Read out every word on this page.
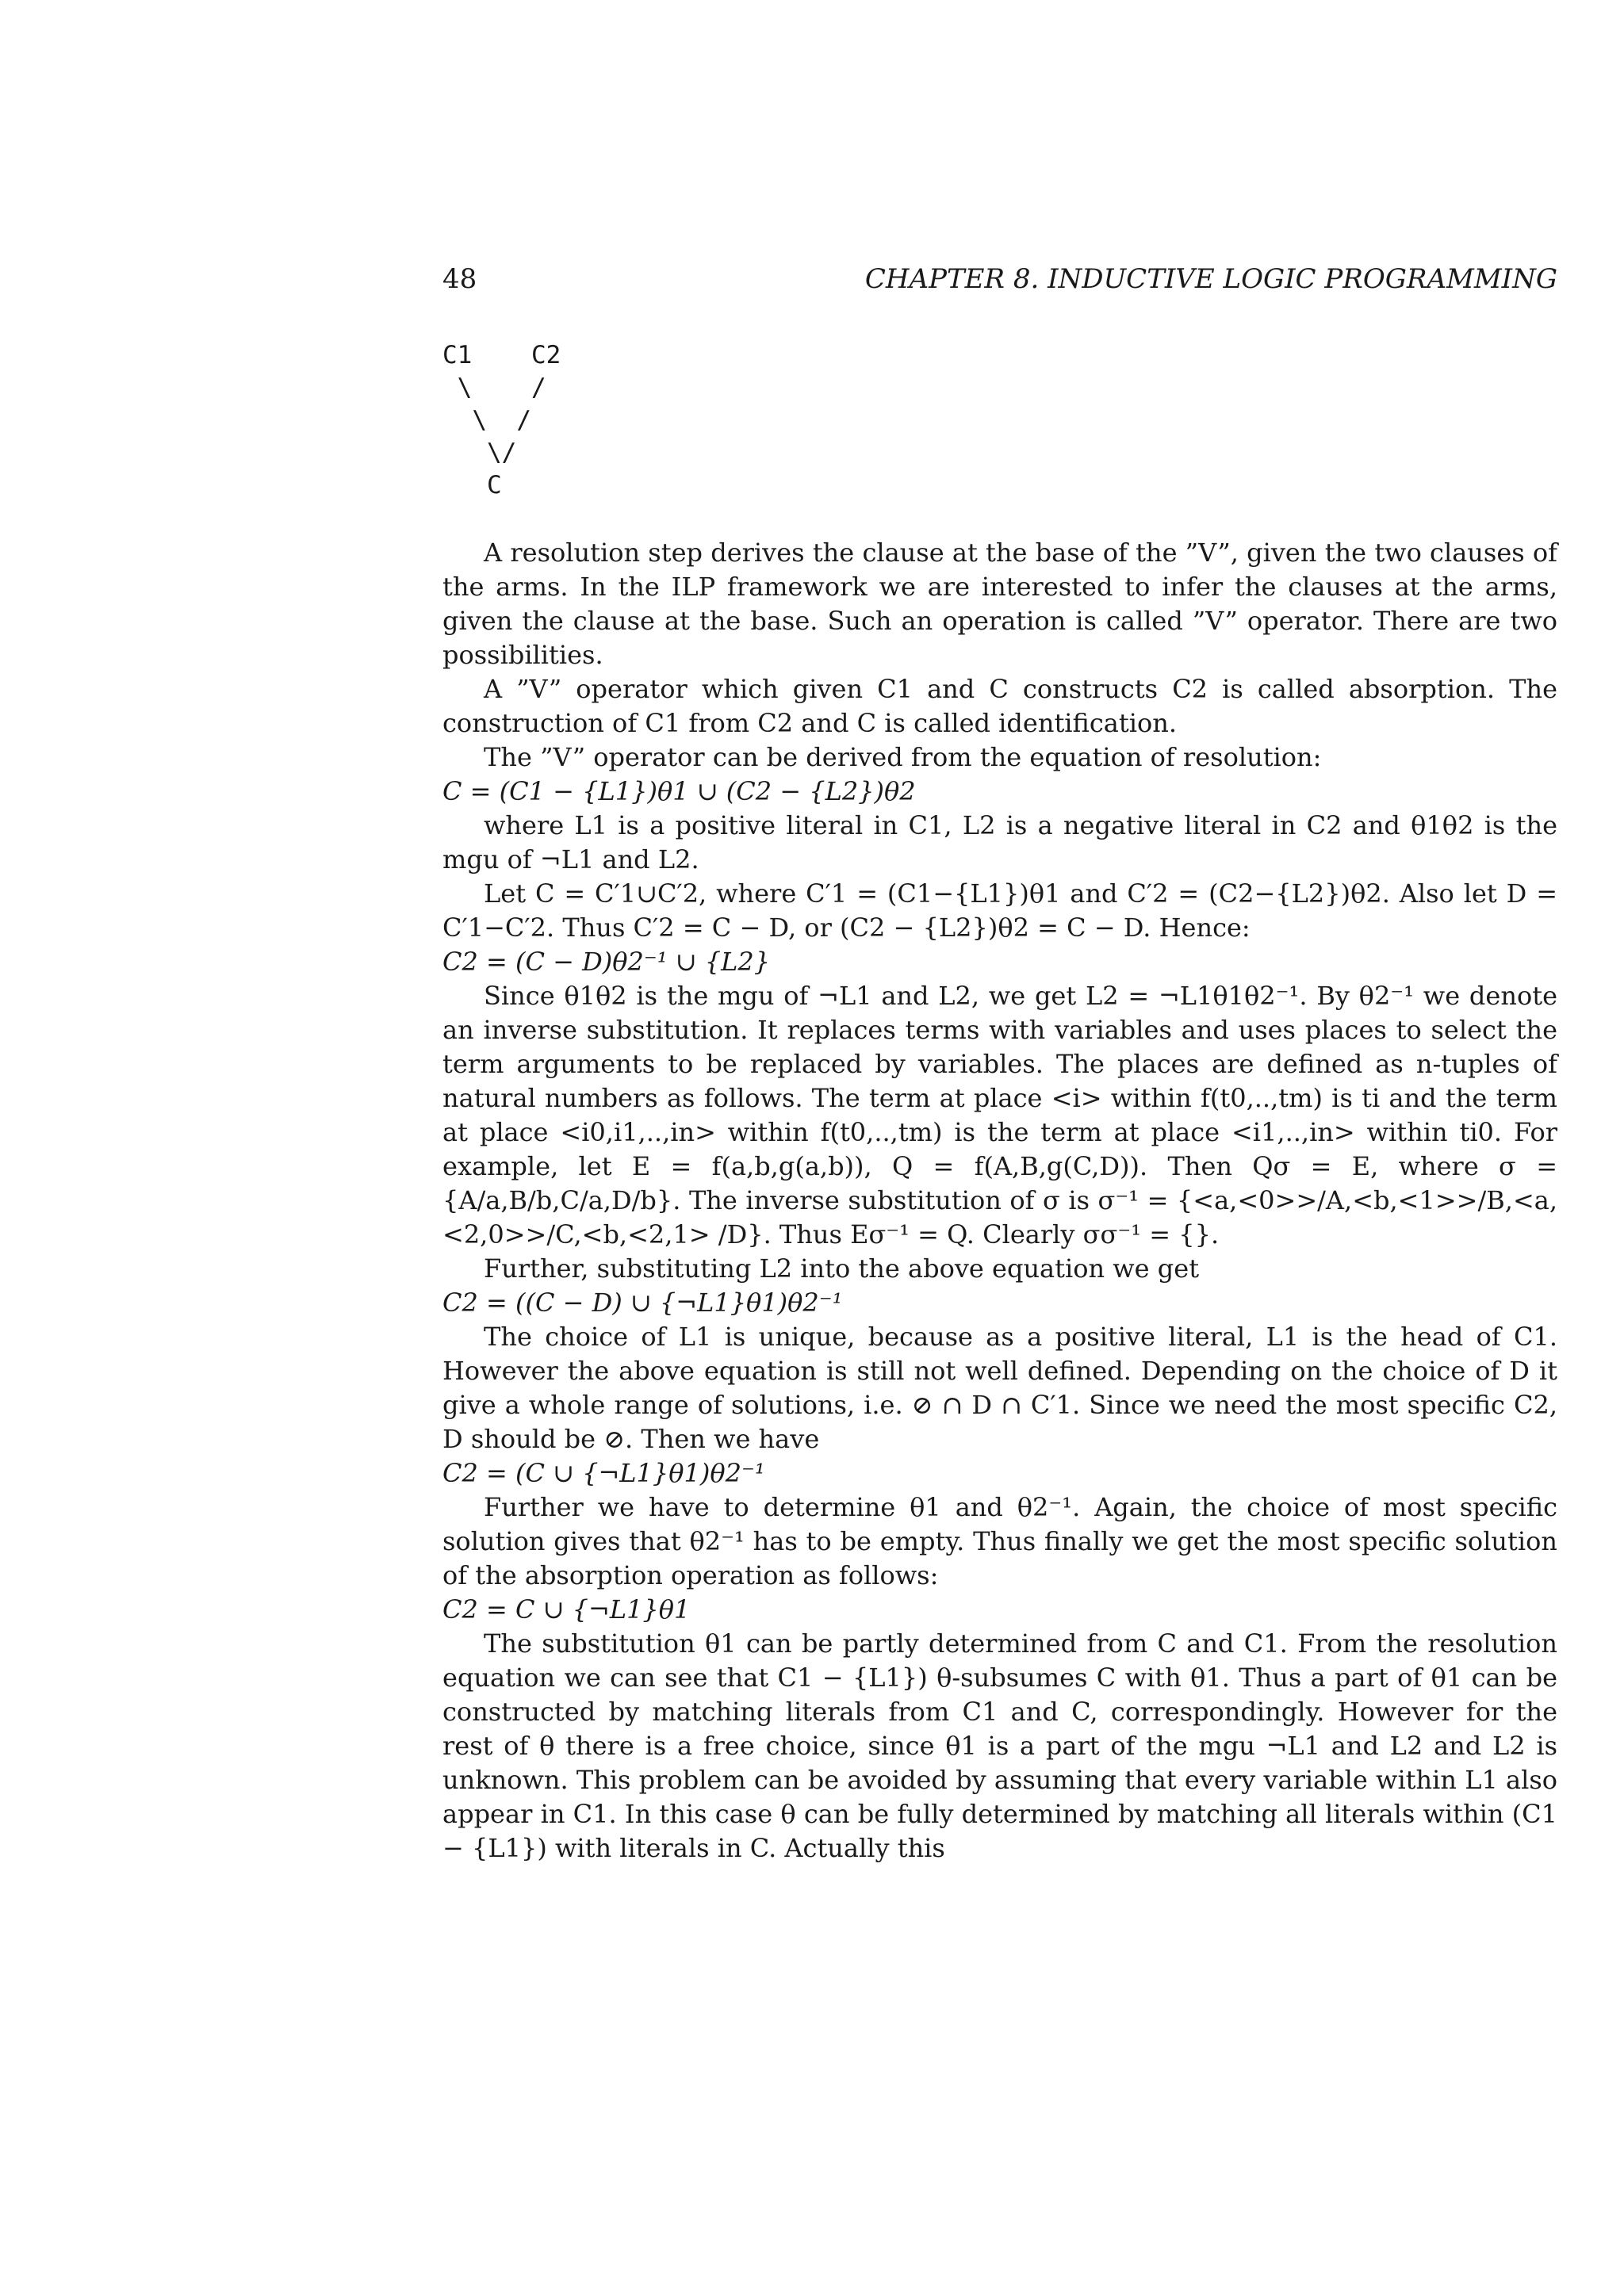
48	CHAPTER 8. INDUCTIVE LOGIC PROGRAMMING
C1    C2
\    /
\  /
\/
C

A resolution step derives the clause at the base of the ”V”, given the two clauses of the arms. In the ILP framework we are interested to infer the clauses at the arms, given the clause at the base. Such an operation is called ”V” operator. There are two possibilities.

A ”V” operator which given C1 and C constructs C2 is called absorption. The construction of C1 from C2 and C is called identification.

The ”V” operator can be derived from the equation of resolution:

C = (C1 − {L1})θ1 ∪ (C2 − {L2})θ2

where L1 is a positive literal in C1, L2 is a negative literal in C2 and θ1θ2 is the mgu of ¬L1 and L2.

Let C = C′1∪C′2, where C′1 = (C1−{L1})θ1 and C′2 = (C2−{L2})θ2. Also let D = C′1−C′2. Thus C′2 = C − D, or (C2 − {L2})θ2 = C − D. Hence:

C2 = (C − D)θ2⁻¹ ∪ {L2}

Since θ1θ2 is the mgu of ¬L1 and L2, we get L2 = ¬L1θ1θ2⁻¹. By θ2⁻¹ we denote an inverse substitution. It replaces terms with variables and uses places to select the term arguments to be replaced by variables. The places are defined as n-tuples of natural numbers as follows. The term at place <i> within f(t0,..,tm) is ti and the term at place <i0,i1,..,in> within f(t0,..,tm) is the term at place <i1,..,in> within ti0. For example, let E = f(a,b,g(a,b)), Q = f(A,B,g(C,D)). Then Qσ = E, where σ = {A/a,B/b,C/a,D/b}. The inverse substitution of σ is σ⁻¹ = {<a,<0>>/A,<b,<1>>/B,<a,<2,0>>/C,<b,<2,1> /D}. Thus Eσ⁻¹ = Q. Clearly σσ⁻¹ = {}.

Further, substituting L2 into the above equation we get

C2 = ((C − D) ∪ {¬L1}θ1)θ2⁻¹

The choice of L1 is unique, because as a positive literal, L1 is the head of C1. However the above equation is still not well defined. Depending on the choice of D it give a whole range of solutions, i.e. ⊘ ∩ D ∩ C′1. Since we need the most specific C2, D should be ⊘. Then we have

C2 = (C ∪ {¬L1}θ1)θ2⁻¹

Further we have to determine θ1 and θ2⁻¹. Again, the choice of most specific solution gives that θ2⁻¹ has to be empty. Thus finally we get the most specific solution of the absorption operation as follows:

C2 = C ∪ {¬L1}θ1

The substitution θ1 can be partly determined from C and C1. From the resolution equation we can see that C1 − {L1}) θ-subsumes C with θ1. Thus a part of θ1 can be constructed by matching literals from C1 and C, correspondingly. However for the rest of θ there is a free choice, since θ1 is a part of the mgu ¬L1 and L2 and L2 is unknown. This problem can be avoided by assuming that every variable within L1 also appear in C1. In this case θ can be fully determined by matching all literals within (C1 − {L1}) with literals in C. Actually this
